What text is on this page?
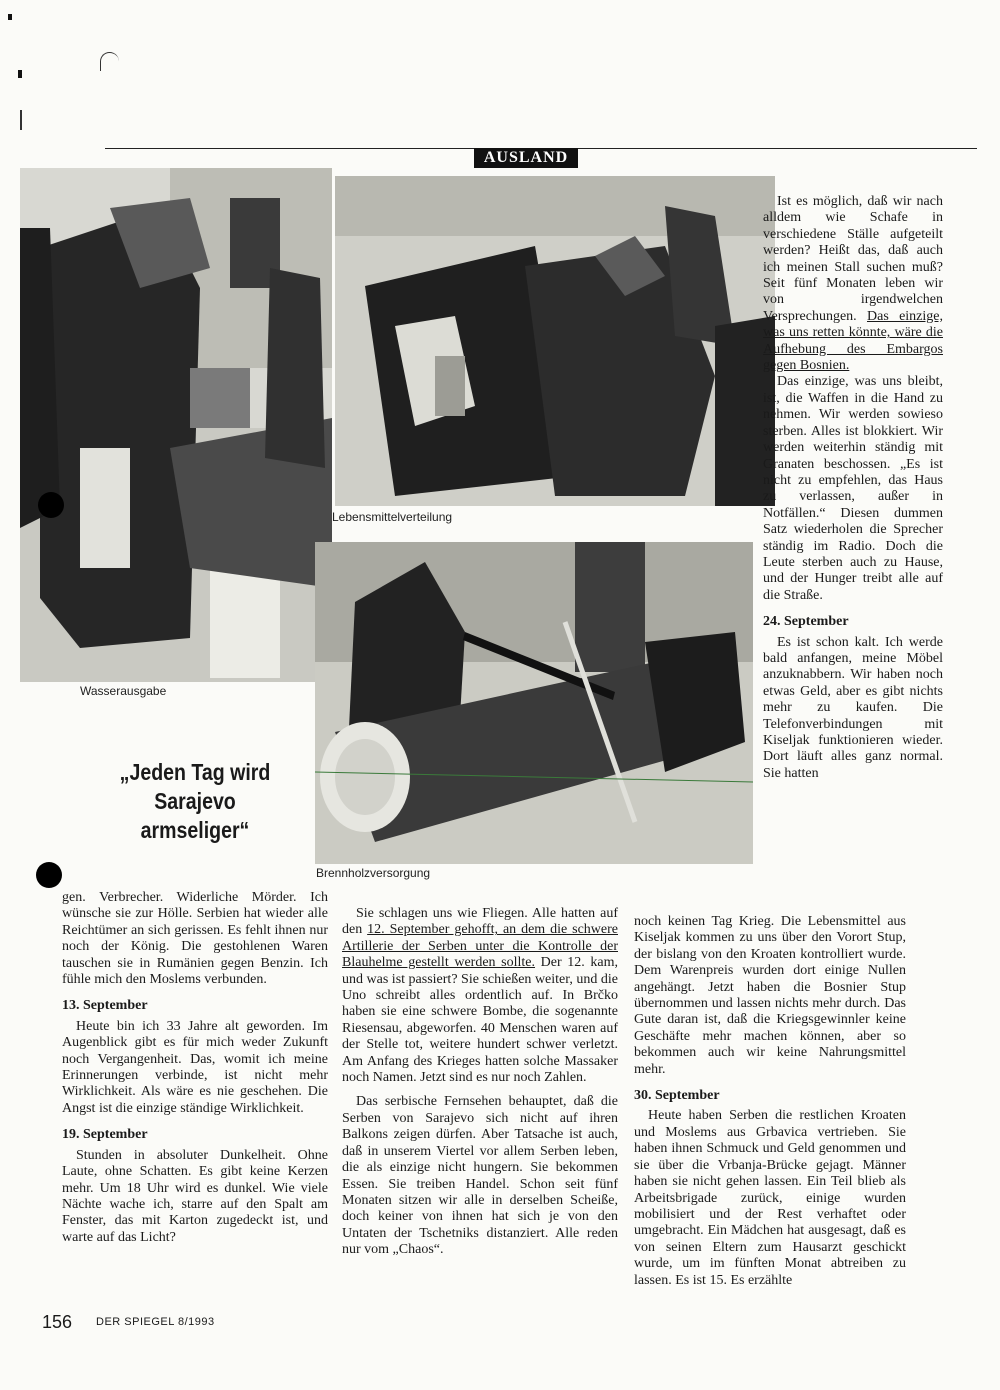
AUSLAND
Wasserausgabe
Lebensmittelverteilung
Brennholzversorgung
„Jeden Tag wird Sarajevo armseliger“

Ist es möglich, daß wir nach alldem wie Schafe in verschiedene Ställe aufgeteilt werden? Heißt das, daß auch ich meinen Stall suchen muß? Seit fünf Monaten leben wir von irgendwelchen Versprechungen. Das einzige, was uns retten könnte, wäre die Aufhebung des Embargos gegen Bosnien.

Das einzige, was uns bleibt, ist, die Waffen in die Hand zu nehmen. Wir werden sowieso sterben. Alles ist blokkiert. Wir werden weiterhin ständig mit Granaten beschossen. „Es ist nicht zu empfehlen, das Haus zu verlassen, außer in Notfällen.“ Diesen dummen Satz wiederholen die Sprecher ständig im Radio. Doch die Leute sterben auch zu Hause, und der Hunger treibt alle auf die Straße.

24. September

Es ist schon kalt. Ich werde bald anfangen, meine Möbel anzuknabbern. Wir haben noch etwas Geld, aber es gibt nichts mehr zu kaufen. Die Telefonverbindungen mit Kiseljak funktionieren wieder. Dort läuft alles ganz normal. Sie hatten

gen. Verbrecher. Widerliche Mörder. Ich wünsche sie zur Hölle. Serbien hat wieder alle Reichtümer an sich gerissen. Es fehlt ihnen nur noch der König. Die gestohlenen Waren tauschen sie in Rumänien gegen Benzin. Ich fühle mich den Moslems verbunden.

13. September

Heute bin ich 33 Jahre alt geworden. Im Augenblick gibt es für mich weder Zukunft noch Vergangenheit. Das, womit ich meine Erinnerungen verbinde, ist nicht mehr Wirklichkeit. Als wäre es nie geschehen. Die Angst ist die einzige ständige Wirklichkeit.

19. September

Stunden in absoluter Dunkelheit. Ohne Laute, ohne Schatten. Es gibt keine Kerzen mehr. Um 18 Uhr wird es dunkel. Wie viele Nächte wache ich, starre auf den Spalt am Fenster, das mit Karton zugedeckt ist, und warte auf das Licht?

Sie schlagen uns wie Fliegen. Alle hatten auf den 12. September gehofft, an dem die schwere Artillerie der Serben unter die Kontrolle der Blauhelme gestellt werden sollte. Der 12. kam, und was ist passiert? Sie schießen weiter, und die Uno schreibt alles ordentlich auf. In Brčko haben sie eine schwere Bombe, die sogenannte Riesensau, abgeworfen. 40 Menschen waren auf der Stelle tot, weitere hundert schwer verletzt. Am Anfang des Krieges hatten solche Massaker noch Namen. Jetzt sind es nur noch Zahlen.

Das serbische Fernsehen behauptet, daß die Serben von Sarajevo sich nicht auf ihren Balkons zeigen dürfen. Aber Tatsache ist auch, daß in unserem Viertel vor allem Serben leben, die als einzige nicht hungern. Sie bekommen Essen. Sie treiben Handel. Schon seit fünf Monaten sitzen wir alle in derselben Scheiße, doch keiner von ihnen hat sich je von den Untaten der Tschetniks distanziert. Alle reden nur vom „Chaos“.

noch keinen Tag Krieg. Die Lebensmittel aus Kiseljak kommen zu uns über den Vorort Stup, der bislang von den Kroaten kontrolliert wurde. Dem Warenpreis wurden dort einige Nullen angehängt. Jetzt haben die Bosnier Stup übernommen und lassen nichts mehr durch. Das Gute daran ist, daß die Kriegsgewinnler keine Geschäfte mehr machen können, aber so bekommen auch wir keine Nahrungsmittel mehr.

30. September

Heute haben Serben die restlichen Kroaten und Moslems aus Grbavica vertrieben. Sie haben ihnen Schmuck und Geld genommen und sie über die Vrbanja-Brücke gejagt. Männer haben sie nicht gehen lassen. Ein Teil blieb als Arbeitsbrigade zurück, einige wurden mobilisiert und der Rest verhaftet oder umgebracht. Ein Mädchen hat ausgesagt, daß es von seinen Eltern zum Hausarzt geschickt wurde, um im fünften Monat abtreiben zu lassen. Es ist 15. Es erzählte

156 DER SPIEGEL 8/1993
